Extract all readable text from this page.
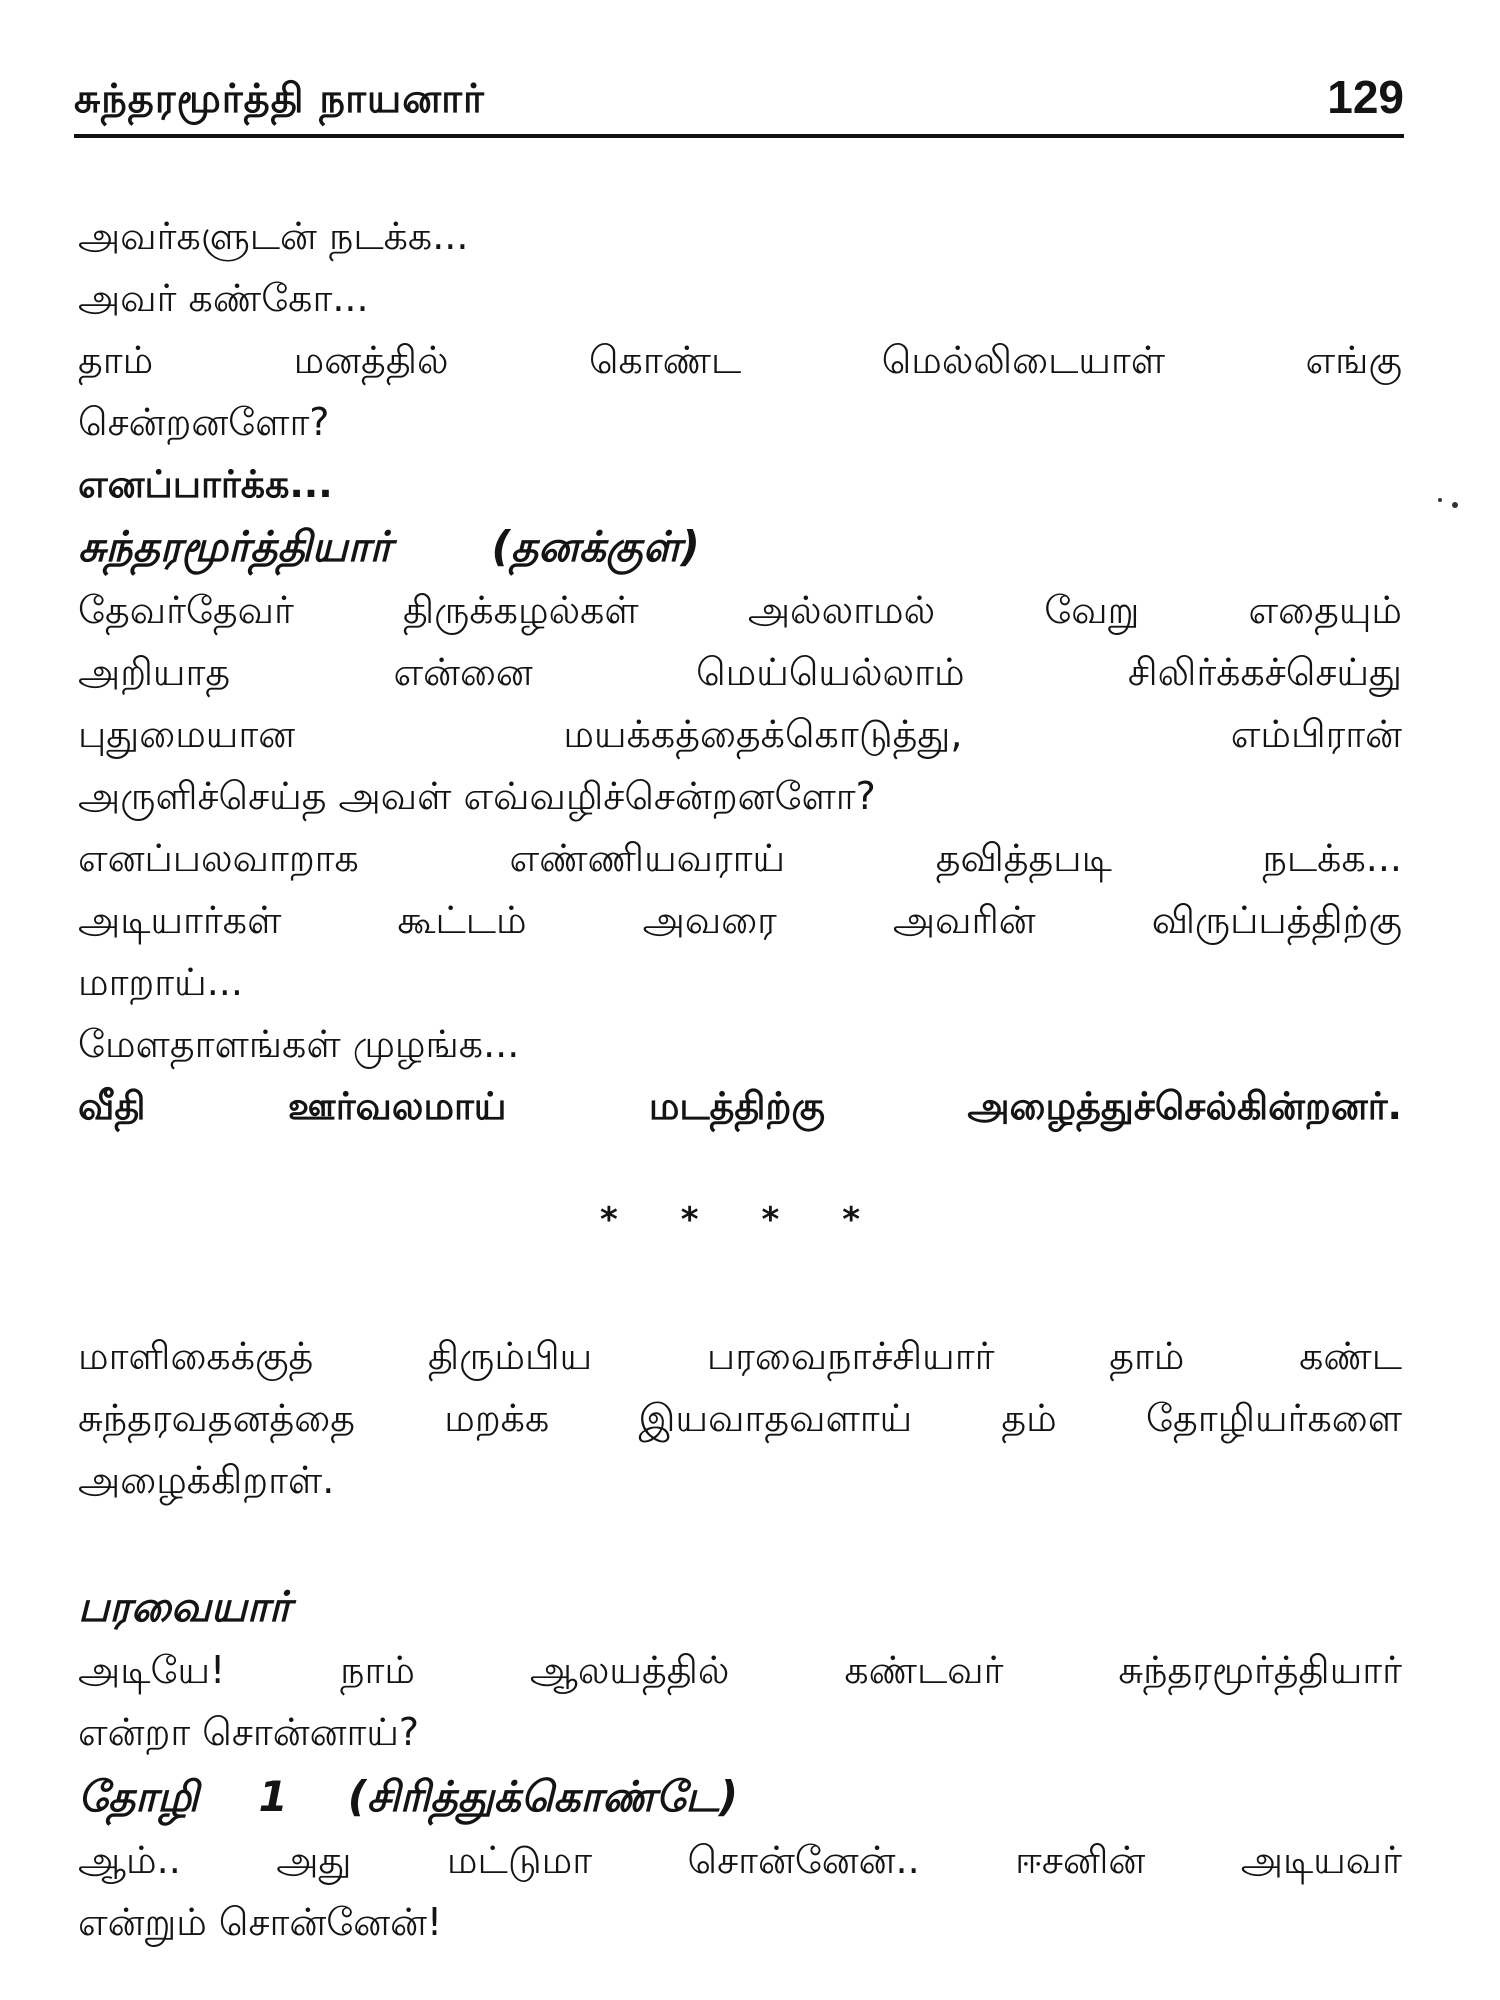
சுந்தரமூர்த்தி நாயனார்	129
அவர்களுடன் நடக்க...
அவர் கண்கோ...
தாம் மனத்தில் கொண்ட மெல்லிடையாள் எங்கு
சென்றனளோ?
எனப்பார்க்க...
சுந்தரமூர்த்தியார் (தனக்குள்)
தேவர்தேவர் திருக்கழல்கள் அல்லாமல் வேறு எதையும்
அறியாத என்னை மெய்யெல்லாம் சிலிர்க்கச்செய்து
புதுமையான மயக்கத்தைக்கொடுத்து, எம்பிரான்
அருளிச்செய்த அவள் எவ்வழிச்சென்றனளோ?
எனப்பலவாறாக எண்ணியவராய் தவித்தபடி நடக்க...
அடியார்கள் கூட்டம் அவரை அவரின் விருப்பத்திற்கு
மாறாய்...
மேளதாளங்கள் முழங்க...
வீதி ஊர்வலமாய் மடத்திற்கு அழைத்துச்செல்கின்றனர்.
* * * *
மாளிகைக்குத் திரும்பிய பரவைநாச்சியார் தாம் கண்ட
சுந்தரவதனத்தை மறக்க இயவாதவளாய் தம் தோழியர்களை
அழைக்கிறாள்.
பரவையார்
அடியே! நாம் ஆலயத்தில் கண்டவர் சுந்தரமூர்த்தியார்
என்றா சொன்னாய்?
தோழி 1 (சிரித்துக்கொண்டே)
ஆம்.. அது மட்டுமா சொன்னேன்.. ஈசனின் அடியவர்
என்றும் சொன்னேன்!
